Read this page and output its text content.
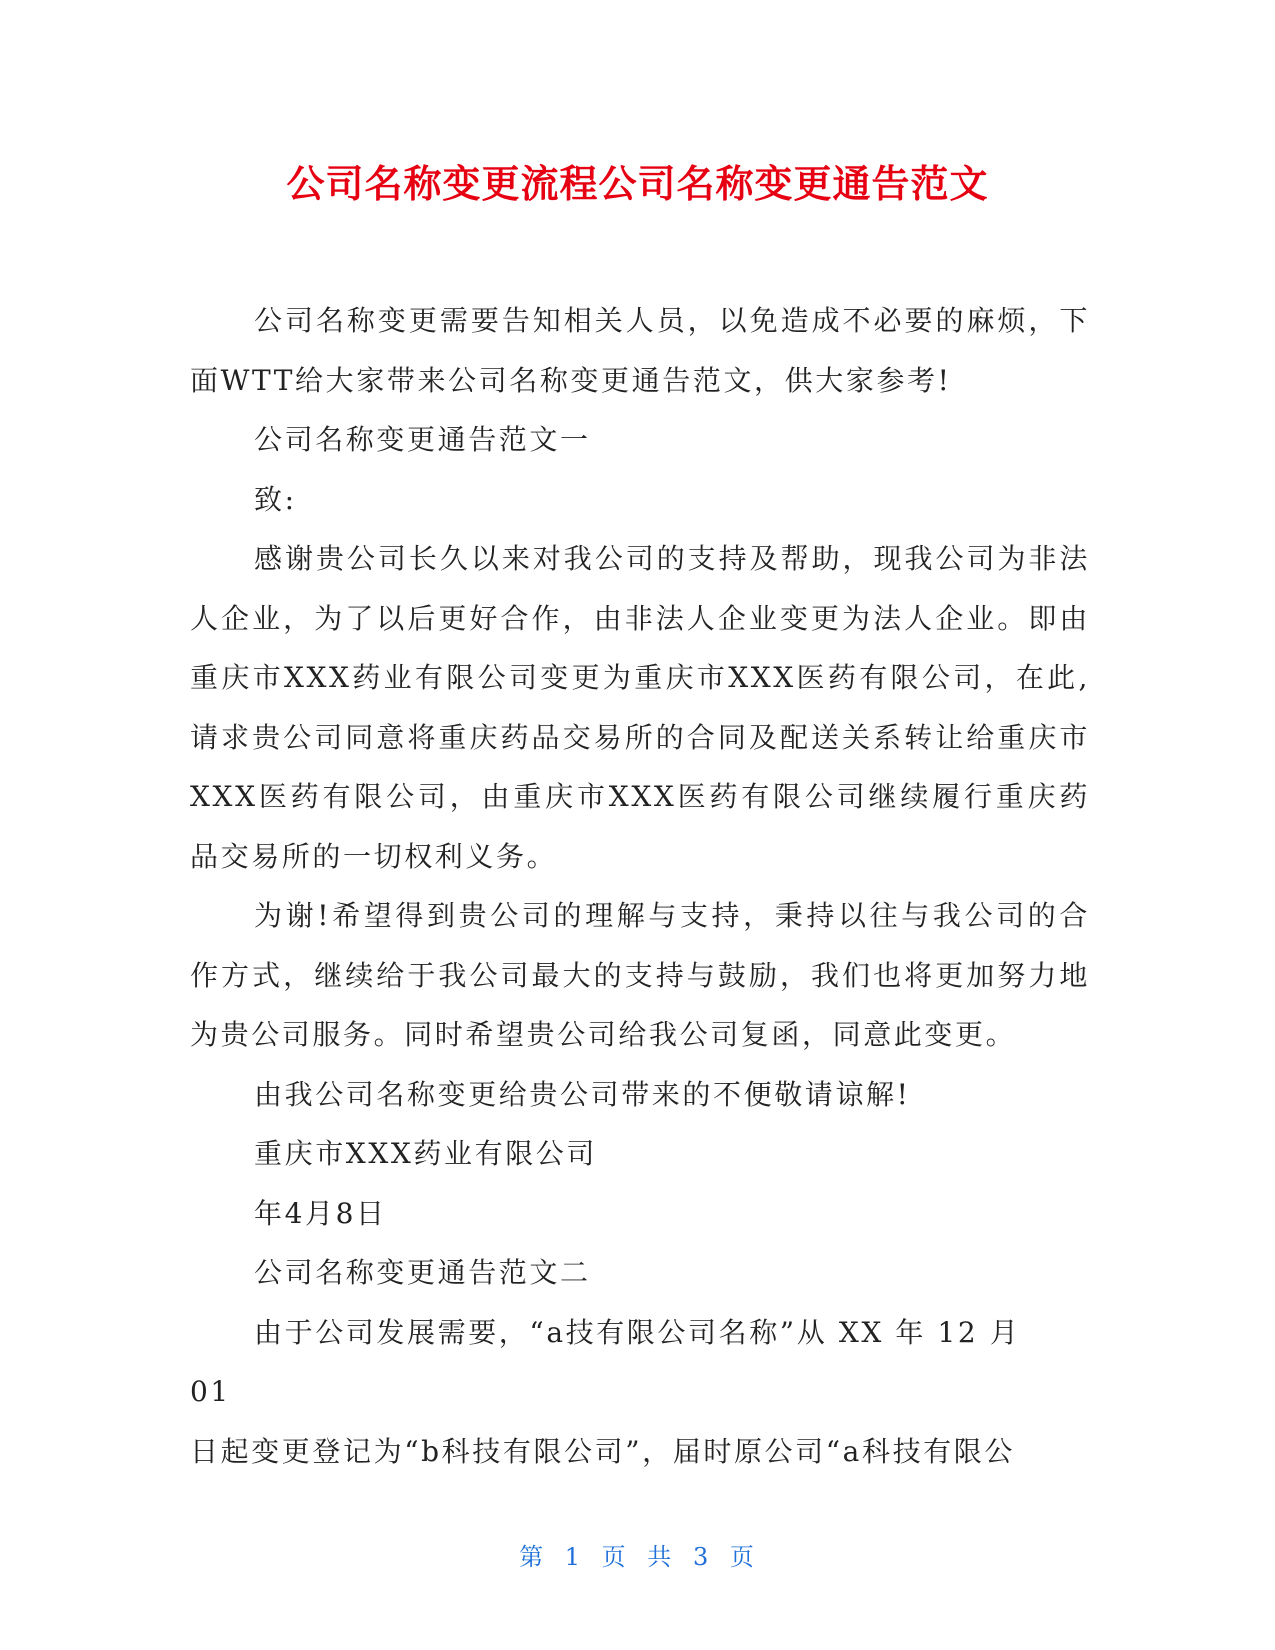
公司名称变更流程公司名称变更通告范文

公司名称变更需要告知相关人员，以免造成不必要的麻烦，下面WTT给大家带来公司名称变更通告范文，供大家参考!

公司名称变更通告范文一

致:

感谢贵公司长久以来对我公司的支持及帮助，现我公司为非法人企业，为了以后更好合作，由非法人企业变更为法人企业。即由重庆市XXX药业有限公司变更为重庆市XXX医药有限公司，在此,请求贵公司同意将重庆药品交易所的合同及配送关系转让给重庆市XXX医药有限公司，由重庆市XXX医药有限公司继续履行重庆药品交易所的一切权利义务。

为谢!希望得到贵公司的理解与支持，秉持以往与我公司的合作方式，继续给于我公司最大的支持与鼓励，我们也将更加努力地为贵公司服务。同时希望贵公司给我公司复函，同意此变更。

由我公司名称变更给贵公司带来的不便敬请谅解!

重庆市XXX药业有限公司

年4月8日

公司名称变更通告范文二

由于公司发展需要，“a技有限公司名称”从 XX 年 12 月

01

日起变更登记为“b科技有限公司”，届时原公司“a科技有限公

第 1 页 共 3 页
